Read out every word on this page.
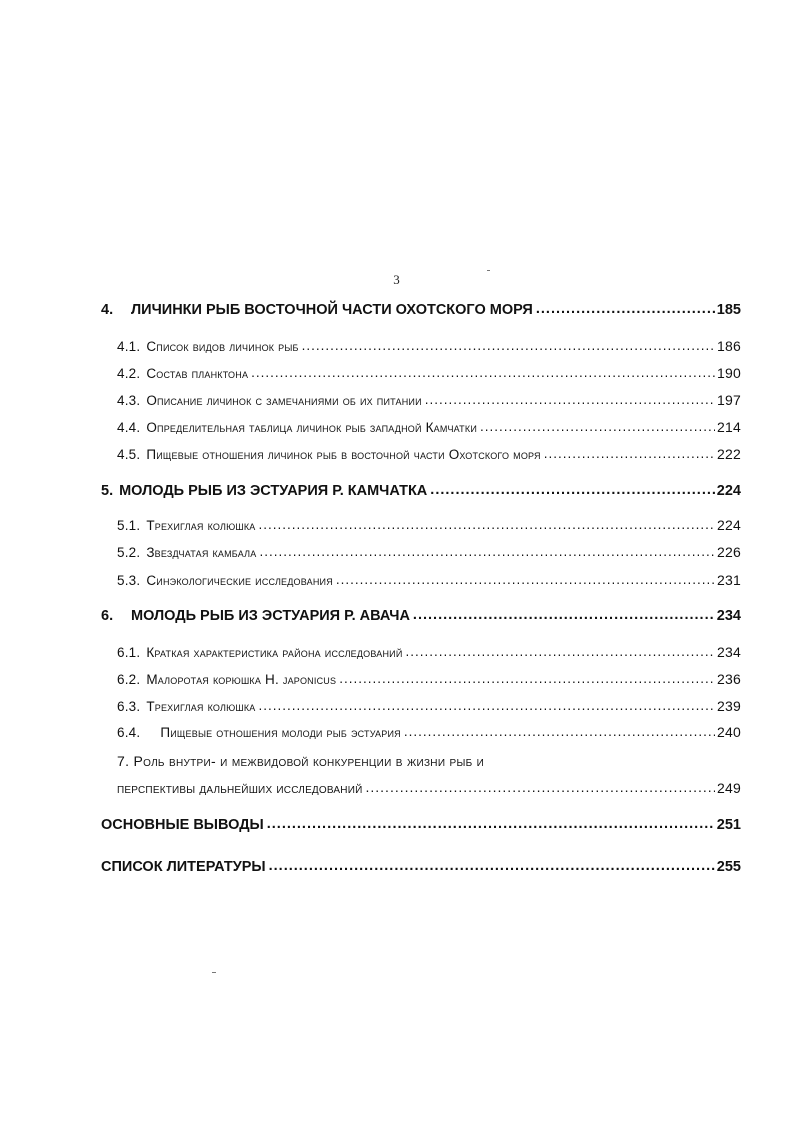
3
4.	ЛИЧИНКИ РЫБ ВОСТОЧНОЙ ЧАСТИ ОХОТСКОГО МОРЯ .....	185
4.1. Список видов личинок рыб .....	186
4.2. Состав планктона .....	190
4.3. Описание личинок с замечаниями об их питании .....	197
4.4. Определительная таблица личинок рыб западной Камчатки .....	214
4.5. Пищевые отношения личинок рыб в восточной части Охотского моря .....	222
5. МОЛОДЬ РЫБ ИЗ ЭСТУАРИЯ Р. КАМЧАТКА .....	224
5.1. Трехиглая колюшка .....	224
5.2. Звездчатая камбала .....	226
5.3. Синэкологические исследования .....	231
6.	МОЛОДЬ РЫБ ИЗ ЭСТУАРИЯ Р. АВАЧА .....	234
6.1. Краткая характеристика района исследований .....	234
6.2. Малоротая корюшка H. japonicus .....	236
6.3. Трехиглая колюшка .....	239
6.4. Пищевые отношения молоди рыб эстуария .....	240
7. Роль внутри- и межвидовой конкуренции в жизни рыб и
перспективы дальнейших исследований .....	249
ОСНОВНЫЕ ВЫВОДЫ .....	251
СПИСОК ЛИТЕРАТУРЫ .....	255
